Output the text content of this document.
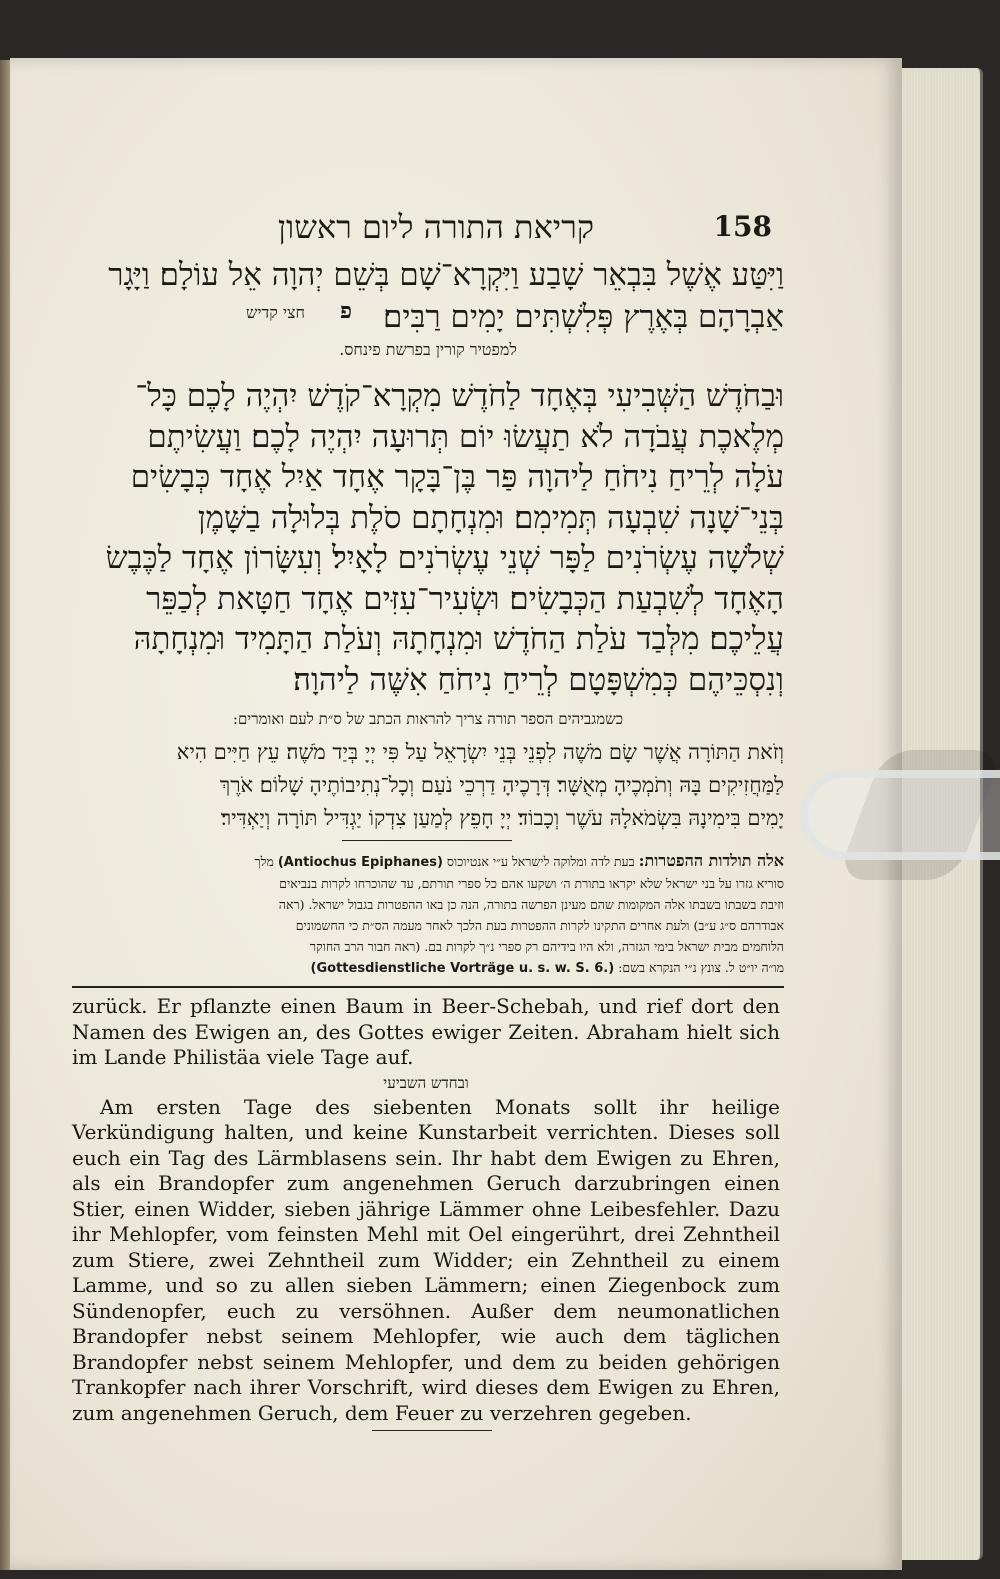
קריאת התורה ליום ראשון	158

וַיִּטַּע אֶשֶׁל בִּבְאֵר שָׁבַע וַיִּקְרָא־שָׁם בְּשֵׁם יְהוָה אֵל עוֹלָם׃ וַיָּגָר

אַבְרָהָם בְּאֶרֶץ פְּלִשְׁתִּים יָמִים רַבִּים׃

פ חצי קדיש
למפטיר קורין בפרשת פינחס.

וּבַחֹדֶשׁ הַשְּׁבִיעִי בְּאֶחָד לַחֹדֶשׁ מִקְרָא־קֹדֶשׁ יִהְיֶה לָכֶם כָּל־

מְלֶאכֶת עֲבֹדָה לֹא תַעֲשׂוּ יוֹם תְּרוּעָה יִהְיֶה לָכֶם׃ וַעֲשִׂיתֶם

עֹלָה לְרֵיחַ נִיחֹחַ לַיהוָה פַּר בֶּן־בָּקָר אֶחָד אַיִל אֶחָד כְּבָשִׂים

בְּנֵי־שָׁנָה שִׁבְעָה תְּמִימִם׃ וּמִנְחָתָם סֹלֶת בְּלוּלָה בַשָּׁמֶן

שְׁלֹשָׁה עֶשְׂרֹנִים לַפָּר שְׁנֵי עֶשְׂרֹנִים לָאָיִל׃ וְעִשָּׂרוֹן אֶחָד לַכֶּבֶשׂ

הָאֶחָד לְשִׁבְעַת הַכְּבָשִׂים׃ וּשְׂעִיר־עִזִּים אֶחָד חַטָּאת לְכַפֵּר

עֲלֵיכֶם׃ מִלְּבַד עֹלַת הַחֹדֶשׁ וּמִנְחָתָהּ וְעֹלַת הַתָּמִיד וּמִנְחָתָהּ

וְנִסְכֵּיהֶם כְּמִשְׁפָּטָם לְרֵיחַ נִיחֹחַ אִשֶּׁה לַיהוָה׃

כשמגביהים הספר תורה צריך להראות הכתב של ס״ת לעם ואומרים:

וְזֹאת הַתּוֹרָה אֲשֶׁר שָׂם מֹשֶׁה לִפְנֵי בְּנֵי יִשְׂרָאֵל עַל פִּי יְיָ בְּיַד מֹשֶׁה׃ עֵץ חַיִּים הִיא

לַמַּחֲזִיקִים בָּהּ וְתֹמְכֶיהָ מְאֻשָּׁר׃ דְּרָכֶיהָ דַרְכֵי נֹעַם וְכָל־נְתִיבוֹתֶיהָ שָׁלוֹם׃ אֹרֶךְ

יָמִים בִּימִינָהּ בִּשְׂמֹאלָהּ עֹשֶׁר וְכָבוֹד׃ יְיָ חָפֵץ לְמַעַן צִדְקוֹ יַגְדִּיל תּוֹרָה וְיַאְדִּיר׃

אלה תולדות ההפטרות: בעת לדה ומלוקה לישראל ע״י אנטיוכוס (Antiochus Epiphanes) מלך

סוריא גזרו על בני ישראל שלא יקראו בתורת ה׳ ושקעו אהם כל ספרי תורתם, עד שהוכרחו לקרות בנביאים

וזיבת בשבתו בשבתו אלה המקומות שהם מעינן הפרשה בתורה, הנה כן באו ההפטרות בגבול ישראל. (ראה

אבודרהם ס״ג ע״ב) ולעת אחרים התקינו לקרות ההפטרות בעת הלכך לאחר מעמה הס״ת כי החשמונים

הלוחמים מבית ישראל בימי הגזרה, ולא היו בידיהם רק ספרי נ״ך לקרות בם. (ראה חבור הרב החוקר

מו״ה יו״ט ל. צונץ נ״י הנקרא בשם: (Gottesdienstliche Vorträge u. s. w. S. 6.)

zurück. Er pflanzte einen Baum in Beer-Schebah, und rief dort den Namen des Ewigen an, des Gottes ewiger Zeiten. Abraham hielt sich im Lande Philistäa viele Tage auf.

ובחדש השביעי

Am ersten Tage des siebenten Monats sollt ihr heilige Verkündigung halten, und keine Kunstarbeit verrichten. Dieses soll euch ein Tag des Lärmblasens sein. Ihr habt dem Ewigen zu Ehren, als ein Brandopfer zum angenehmen Geruch darzubringen einen Stier, einen Widder, sieben jährige Lämmer ohne Leibesfehler. Dazu ihr Mehlopfer, vom feinsten Mehl mit Oel eingerührt, drei Zehntheil zum Stiere, zwei Zehntheil zum Widder; ein Zehntheil zu einem Lamme, und so zu allen sieben Lämmern; einen Ziegenbock zum Sündenopfer, euch zu versöhnen. Außer dem neumonatlichen Brandopfer nebst seinem Mehlopfer, wie auch dem täglichen Brandopfer nebst seinem Mehlopfer, und dem zu beiden gehörigen Trankopfer nach ihrer Vorschrift, wird dieses dem Ewigen zu Ehren, zum angenehmen Geruch, dem Feuer zu verzehren gegeben.
